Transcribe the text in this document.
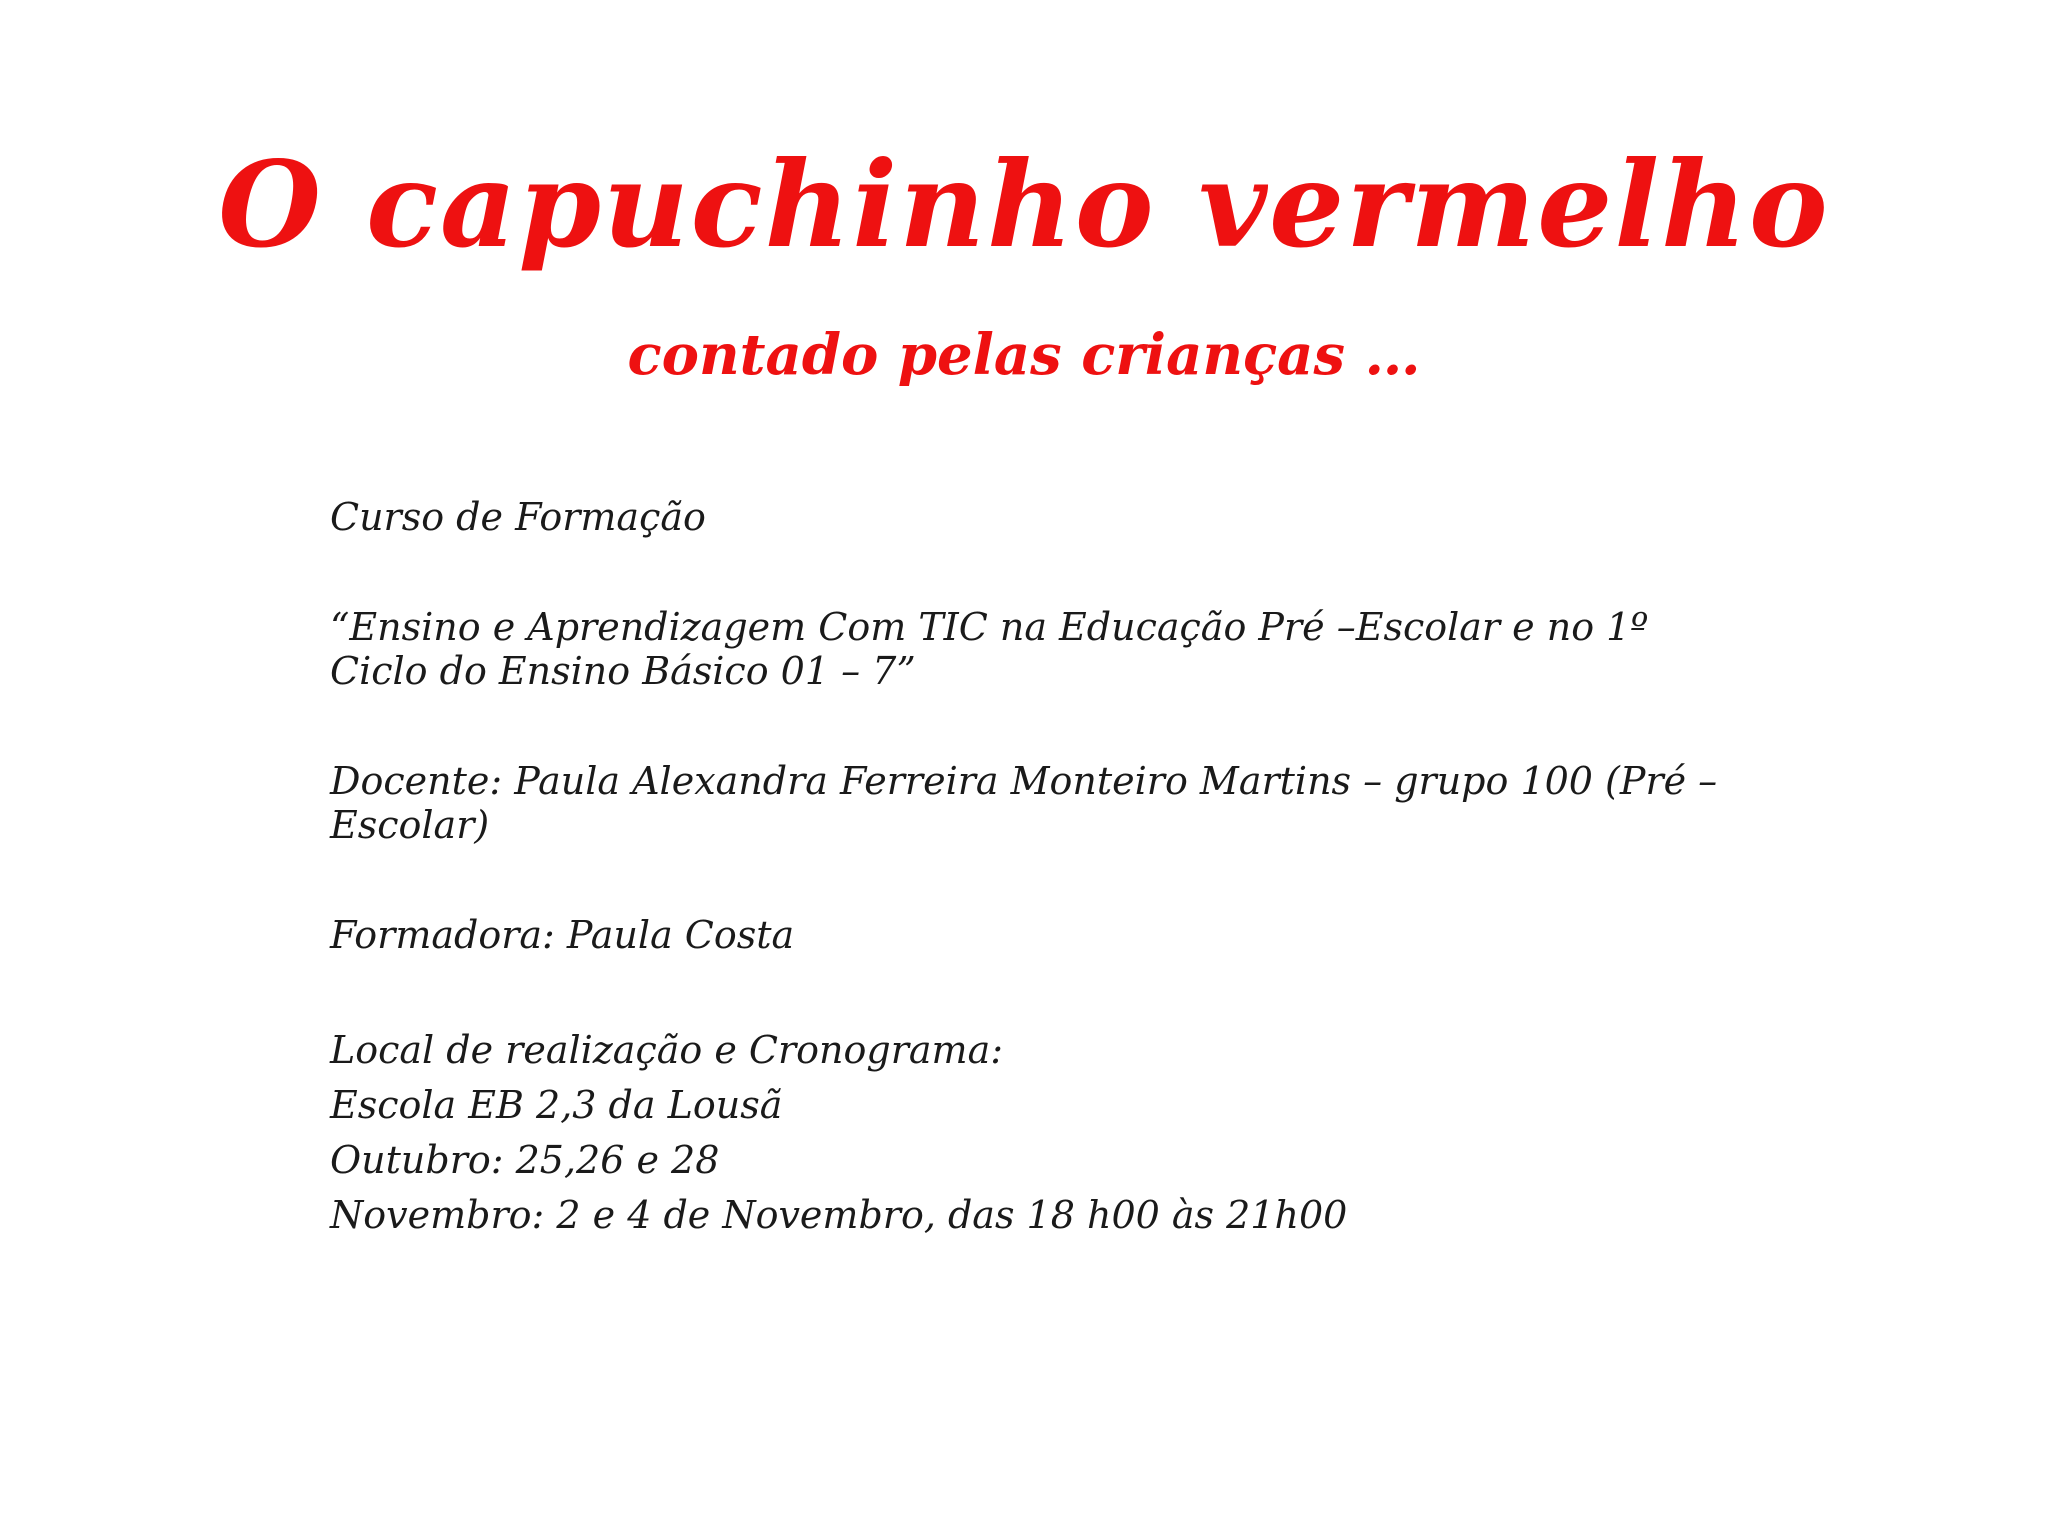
O capuchinho vermelho
contado pelas crianças …

Curso de Formação

“Ensino e Aprendizagem Com TIC na Educação Pré –Escolar e no 1º Ciclo do Ensino Básico 01 – 7”

Docente: Paula Alexandra Ferreira Monteiro Martins – grupo 100 (Pré – Escolar)

Formadora: Paula Costa

Local de realização e Cronograma:
Escola EB 2,3 da Lousã
Outubro: 25,26 e 28
Novembro: 2 e 4 de Novembro, das 18 h00 às 21h00
